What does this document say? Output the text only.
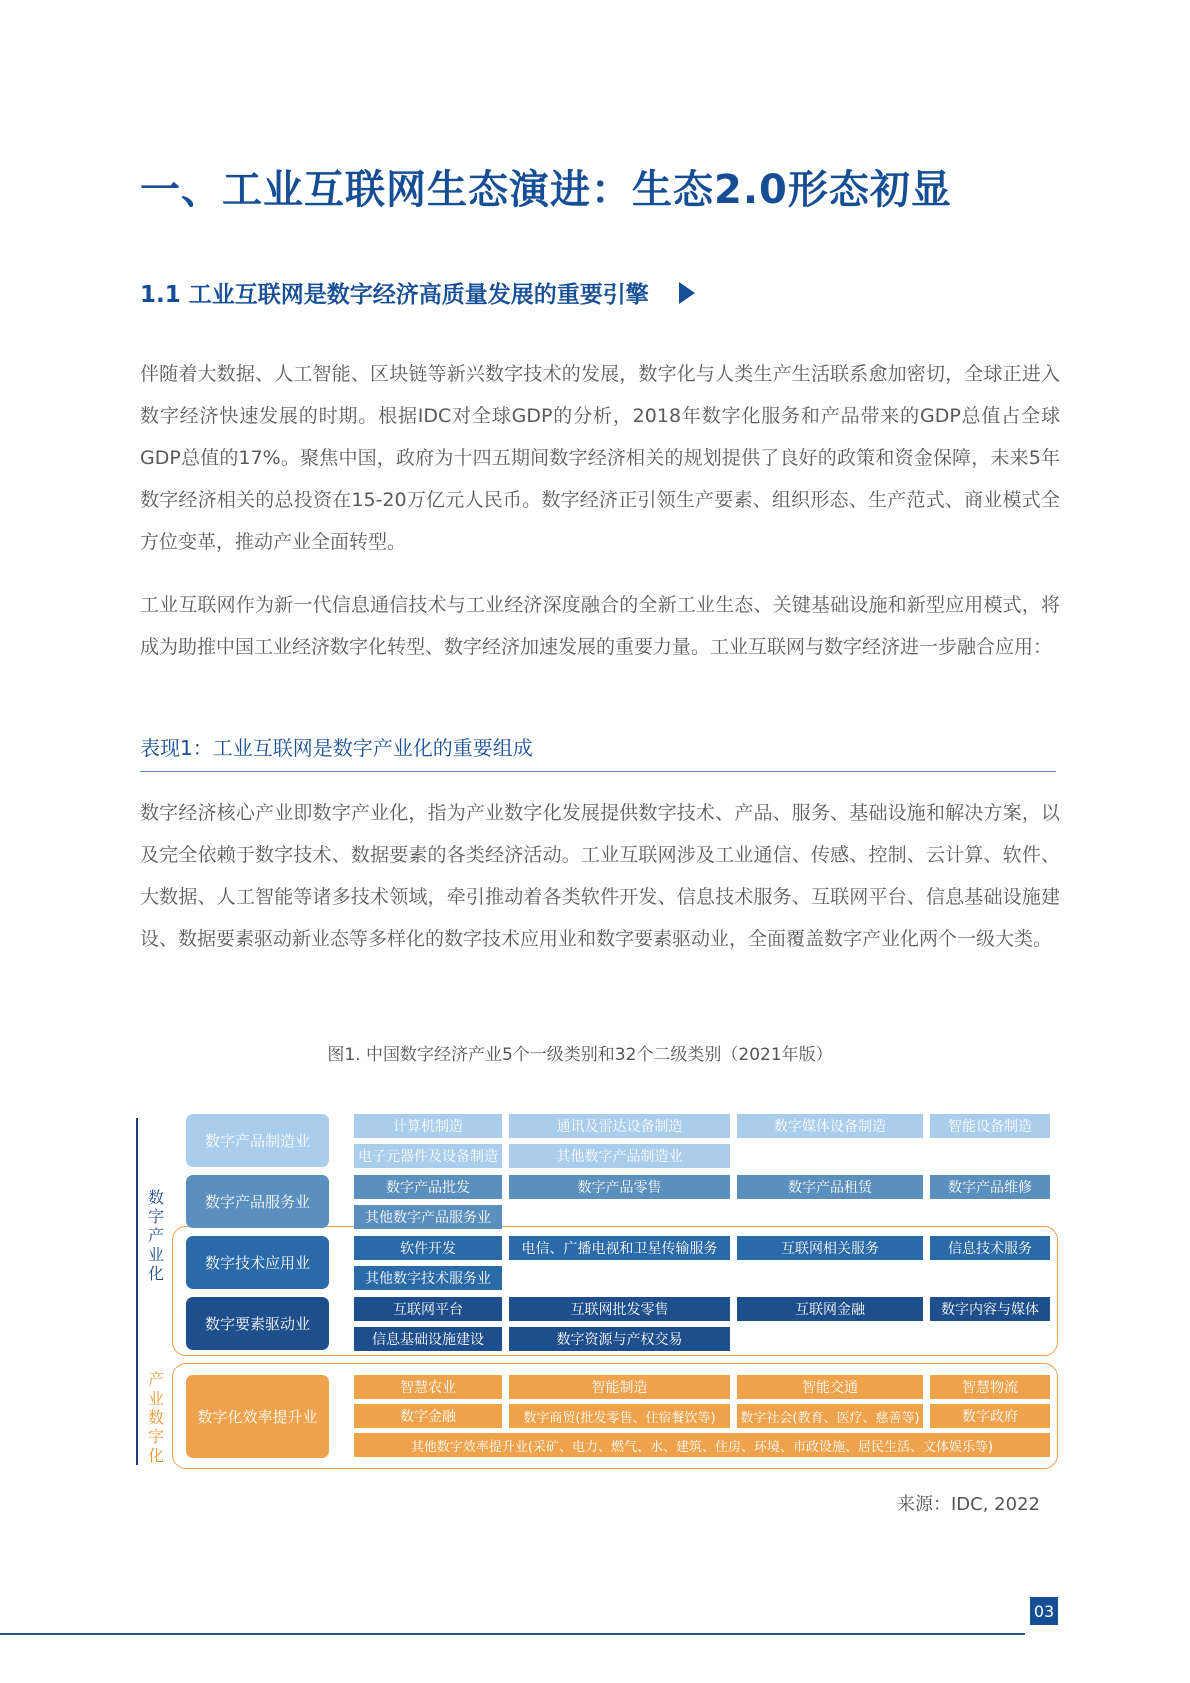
一、工业互联网生态演进：生态2.0形态初显
1.1 工业互联网是数字经济高质量发展的重要引擎

伴随着大数据、人工智能、区块链等新兴数字技术的发展，数字化与人类生产生活联系愈加密切，全球正进入数字经济快速发展的时期。根据IDC对全球GDP的分析，2018年数字化服务和产品带来的GDP总值占全球GDP总值的17%。聚焦中国，政府为十四五期间数字经济相关的规划提供了良好的政策和资金保障，未来5年数字经济相关的总投资在15-20万亿元人民币。数字经济正引领生产要素、组织形态、生产范式、商业模式全方位变革，推动产业全面转型。

工业互联网作为新一代信息通信技术与工业经济深度融合的全新工业生态、关键基础设施和新型应用模式，将成为助推中国工业经济数字化转型、数字经济加速发展的重要力量。工业互联网与数字经济进一步融合应用：

表现1：工业互联网是数字产业化的重要组成

数字经济核心产业即数字产业化，指为产业数字化发展提供数字技术、产品、服务、基础设施和解决方案，以及完全依赖于数字技术、数据要素的各类经济活动。工业互联网涉及工业通信、传感、控制、云计算、软件、大数据、人工智能等诸多技术领域，牵引推动着各类软件开发、信息技术服务、互联网平台、信息基础设施建设、数据要素驱动新业态等多样化的数字技术应用业和数字要素驱动业，全面覆盖数字产业化两个一级大类。

图1. 中国数字经济产业5个一级类别和32个二级类别（2021年版）
数字产业化
产业数字化
数字产品制造业
数字产品服务业
数字技术应用业
数字要素驱动业
数字化效率提升业
计算机制造	通讯及雷达设备制造	数字媒体设备制造	智能设备制造
电子元器件及设备制造	其他数字产品制造业
数字产品批发	数字产品零售	数字产品租赁	数字产品维修
其他数字产品服务业
软件开发	电信、广播电视和卫星传输服务	互联网相关服务	信息技术服务
其他数字技术服务业
互联网平台	互联网批发零售	互联网金融	数字内容与媒体
信息基础设施建设	数字资源与产权交易
智慧农业	智能制造	智能交通	智慧物流
数字金融	数字商贸(批发零售、住宿餐饮等)	数字社会(教育、医疗、慈善等)	数字政府
其他数字效率提升业(采矿、电力、燃气、水、建筑、住房、环境、市政设施、居民生活、文体娱乐等)
来源：IDC, 2022
03
